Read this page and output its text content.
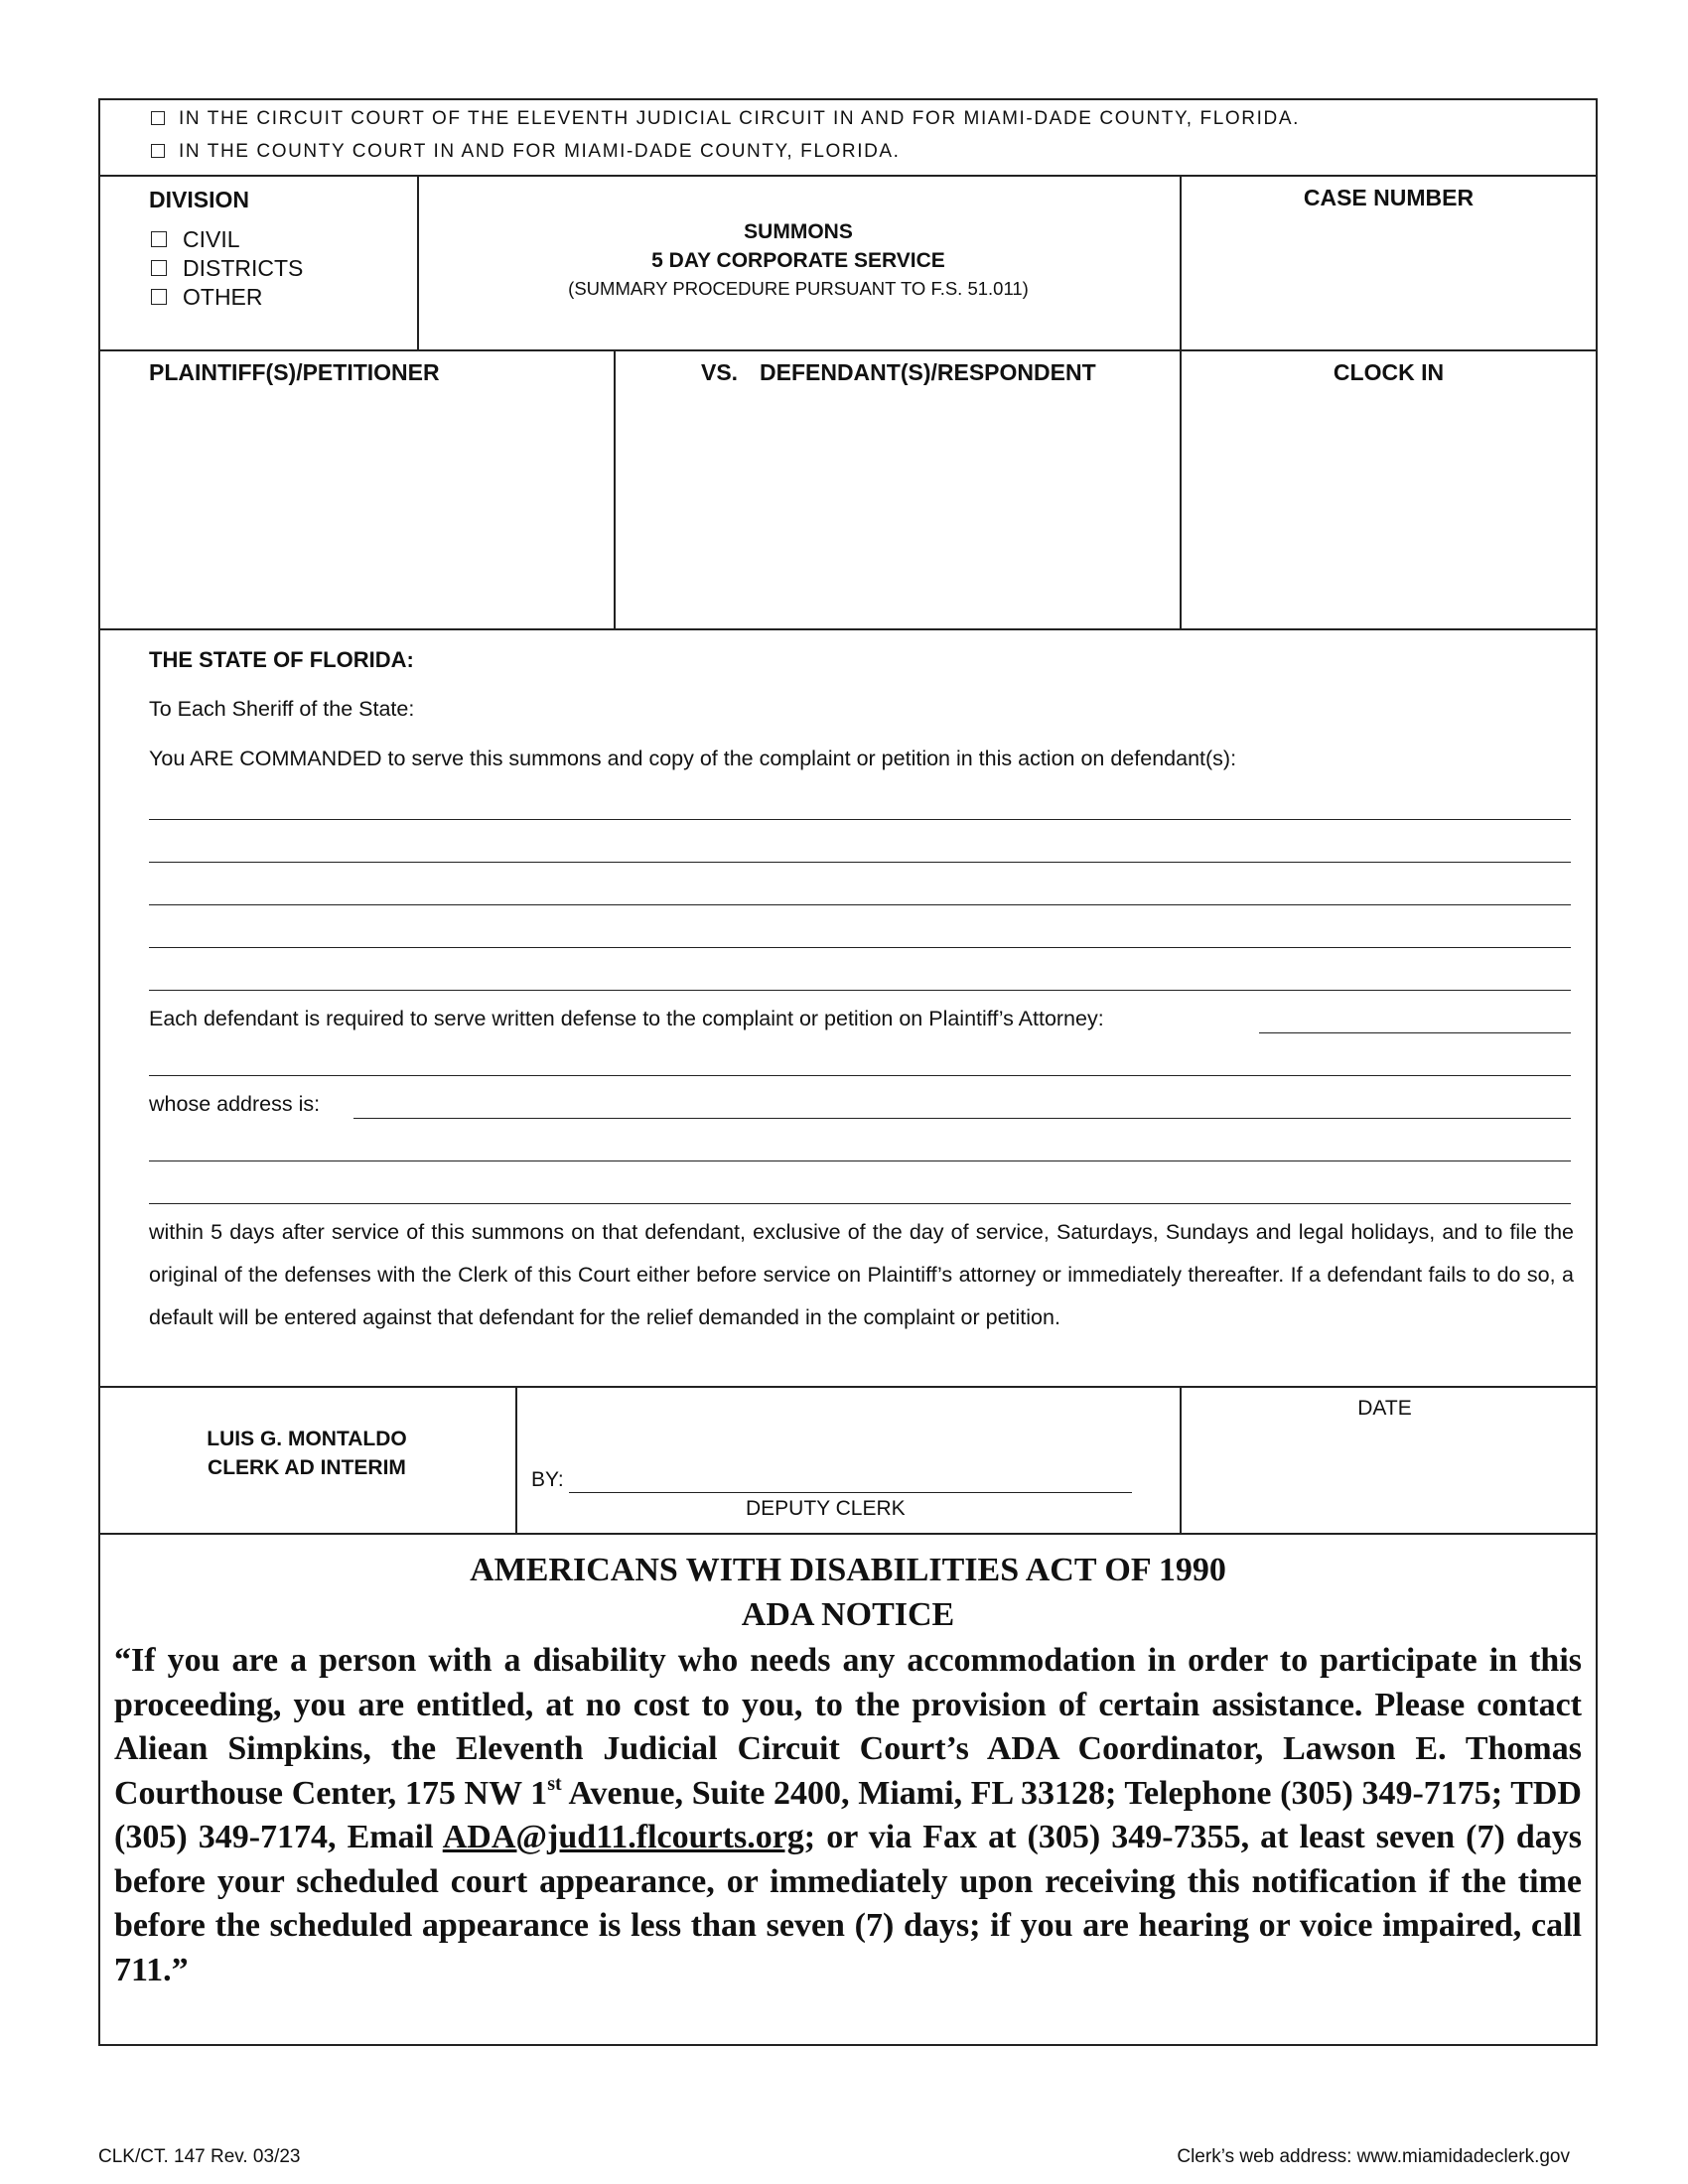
IN THE CIRCUIT COURT OF THE ELEVENTH JUDICIAL CIRCUIT IN AND FOR MIAMI-DADE COUNTY, FLORIDA.
IN THE COUNTY COURT IN AND FOR MIAMI-DADE COUNTY, FLORIDA.
DIVISION
CIVIL
DISTRICTS
OTHER
SUMMONS
5 DAY CORPORATE SERVICE
(SUMMARY PROCEDURE PURSUANT TO F.S. 51.011)
CASE NUMBER
PLAINTIFF(S)/PETITIONER	VS. DEFENDANT(S)/RESPONDENT	CLOCK IN
THE STATE OF FLORIDA:
To Each Sheriff of the State:
You ARE COMMANDED to serve this summons and copy of the complaint or petition in this action on defendant(s):
Each defendant is required to serve written defense to the complaint or petition on Plaintiff’s Attorney:
whose address is:
within 5 days after service of this summons on that defendant, exclusive of the day of service, Saturdays, Sundays and legal holidays, and to file the original of the defenses with the Clerk of this Court either before service on Plaintiff’s attorney or immediately thereafter. If a defendant fails to do so, a default will be entered against that defendant for the relief demanded in the complaint or petition.
LUIS G. MONTALDO
CLERK AD INTERIM
BY:
DEPUTY CLERK
DATE
AMERICANS WITH DISABILITIES ACT OF 1990
ADA NOTICE
“If you are a person with a disability who needs any accommodation in order to participate in this proceeding, you are entitled, at no cost to you, to the provision of certain assistance. Please contact Aliean Simpkins, the Eleventh Judicial Circuit Court’s ADA Coordinator, Lawson E. Thomas Courthouse Center, 175 NW 1st Avenue, Suite 2400, Miami, FL 33128; Telephone (305) 349-7175; TDD (305) 349-7174, Email ADA@jud11.flcourts.org; or via Fax at (305) 349-7355, at least seven (7) days before your scheduled court appearance, or immediately upon receiving this notification if the time before the scheduled appearance is less than seven (7) days; if you are hearing or voice impaired, call 711.”
CLK/CT. 147 Rev. 03/23	Clerk’s web address: www.miamidadeclerk.gov
